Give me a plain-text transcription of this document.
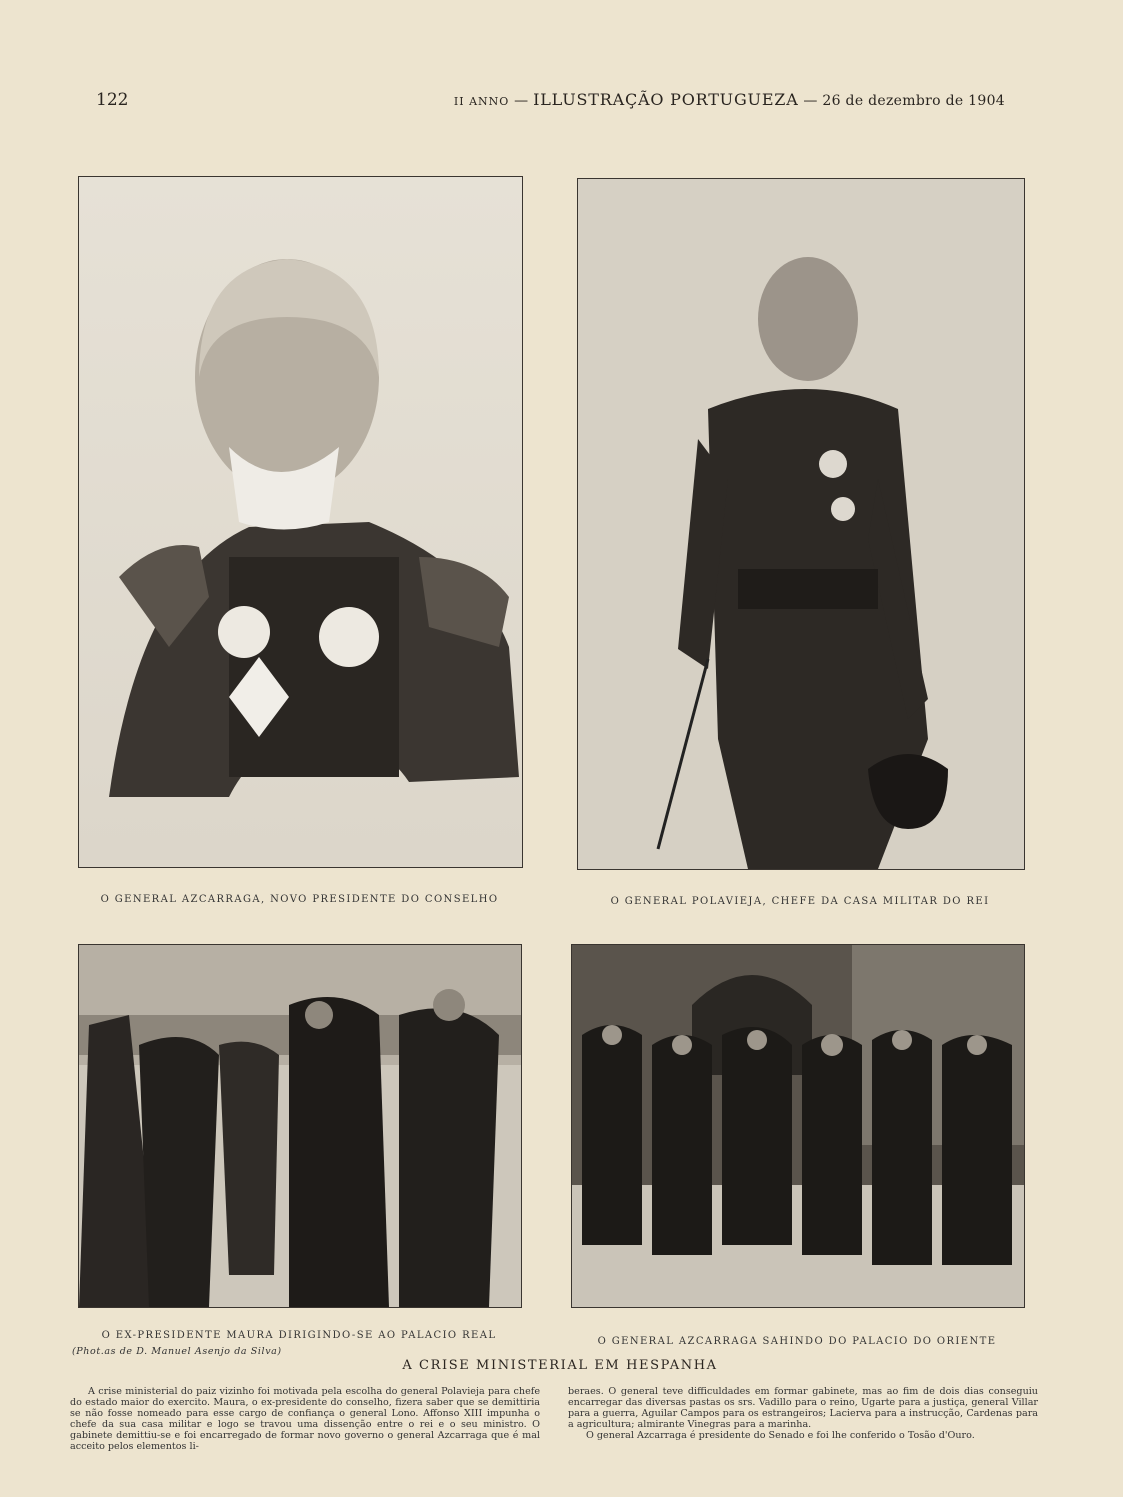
122	II ANNO — ILLUSTRAÇÃO PORTUGUEZA — 26 de dezembro de 1904
O GENERAL AZCARRAGA, NOVO PRESIDENTE DO CONSELHO	O GENERAL POLAVIEJA, CHEFE DA CASA MILITAR DO REI
O EX-PRESIDENTE MAURA DIRIGINDO-SE AO PALACIO REAL
O GENERAL AZCARRAGA SAHINDO DO PALACIO DO ORIENTE
(Phot.as de D. Manuel Asenjo da Silva)
A CRISE MINISTERIAL EM HESPANHA

A crise ministerial do paiz vizinho foi motivada pela escolha do general Polavieja para chefe do estado maior do exercito. Maura, o ex-presidente do conselho, fizera saber que se demittiria se não fosse nomeado para esse cargo de confiança o general Lono. Affonso XIII impunha o chefe da sua casa militar e logo se travou uma dissenção entre o rei e o seu ministro. O gabinete demittiu-se e foi encarregado de formar novo governo o general Azcarraga que é mal acceito pelos elementos li-

beraes. O general teve difficuldades em formar gabinete, mas ao fim de dois dias conseguiu encarregar das diversas pastas os srs. Vadillo para o reino, Ugarte para a justiça, general Villar para a guerra, Aguilar Campos para os estrangeiros; Lacierva para a instrucção, Cardenas para a agricultura; almirante Vinegras para a marinha.

O general Azcarraga é presidente do Senado e foi lhe conferido o Tosão d'Ouro.
